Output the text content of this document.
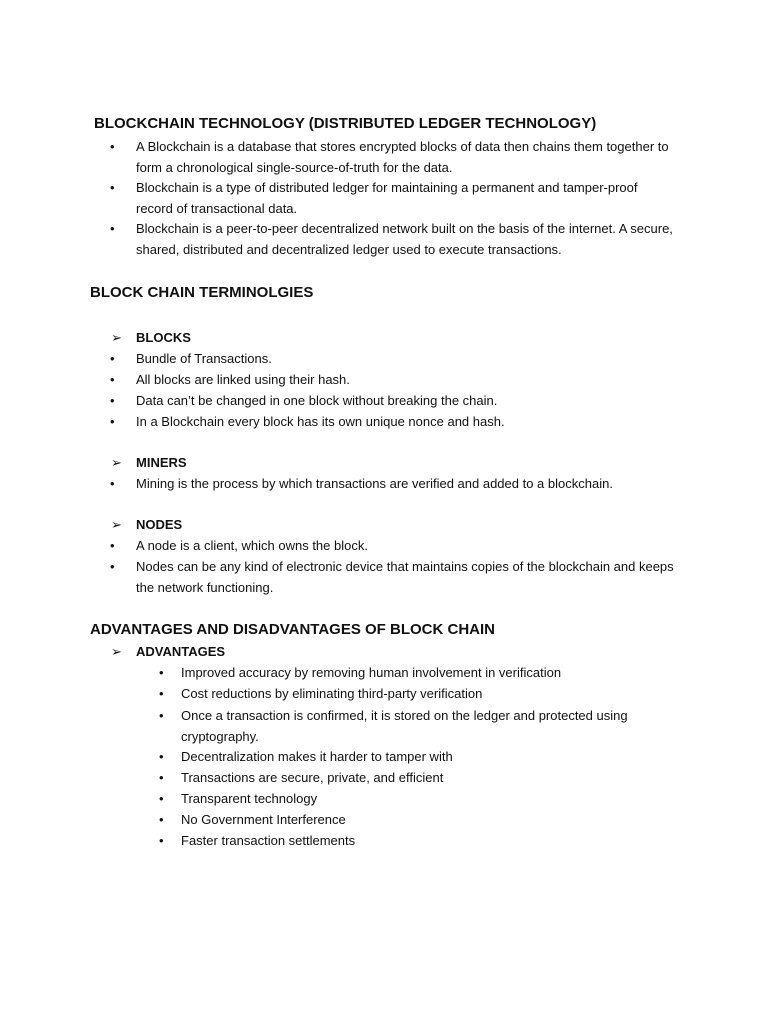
BLOCKCHAIN TECHNOLOGY (DISTRIBUTED LEDGER TECHNOLOGY)
• A Blockchain is a database that stores encrypted blocks of data then chains them together to form a chronological single-source-of-truth for the data.
• Blockchain is a type of distributed ledger for maintaining a permanent and tamper-proof record of transactional data.
• Blockchain is a peer-to-peer decentralized network built on the basis of the internet. A secure, shared, distributed and decentralized ledger used to execute transactions.
BLOCK CHAIN TERMINOLGIES
➢ BLOCKS
• Bundle of Transactions.
• All blocks are linked using their hash.
• Data can’t be changed in one block without breaking the chain.
• In a Blockchain every block has its own unique nonce and hash.
➢ MINERS
• Mining is the process by which transactions are verified and added to a blockchain.
➢ NODES
• A node is a client, which owns the block.
• Nodes can be any kind of electronic device that maintains copies of the blockchain and keeps the network functioning.
ADVANTAGES AND DISADVANTAGES OF BLOCK CHAIN
➢ ADVANTAGES
• Improved accuracy by removing human involvement in verification
• Cost reductions by eliminating third-party verification
• Once a transaction is confirmed, it is stored on the ledger and protected using cryptography.
• Decentralization makes it harder to tamper with
• Transactions are secure, private, and efficient
• Transparent technology
• No Government Interference
• Faster transaction settlements
